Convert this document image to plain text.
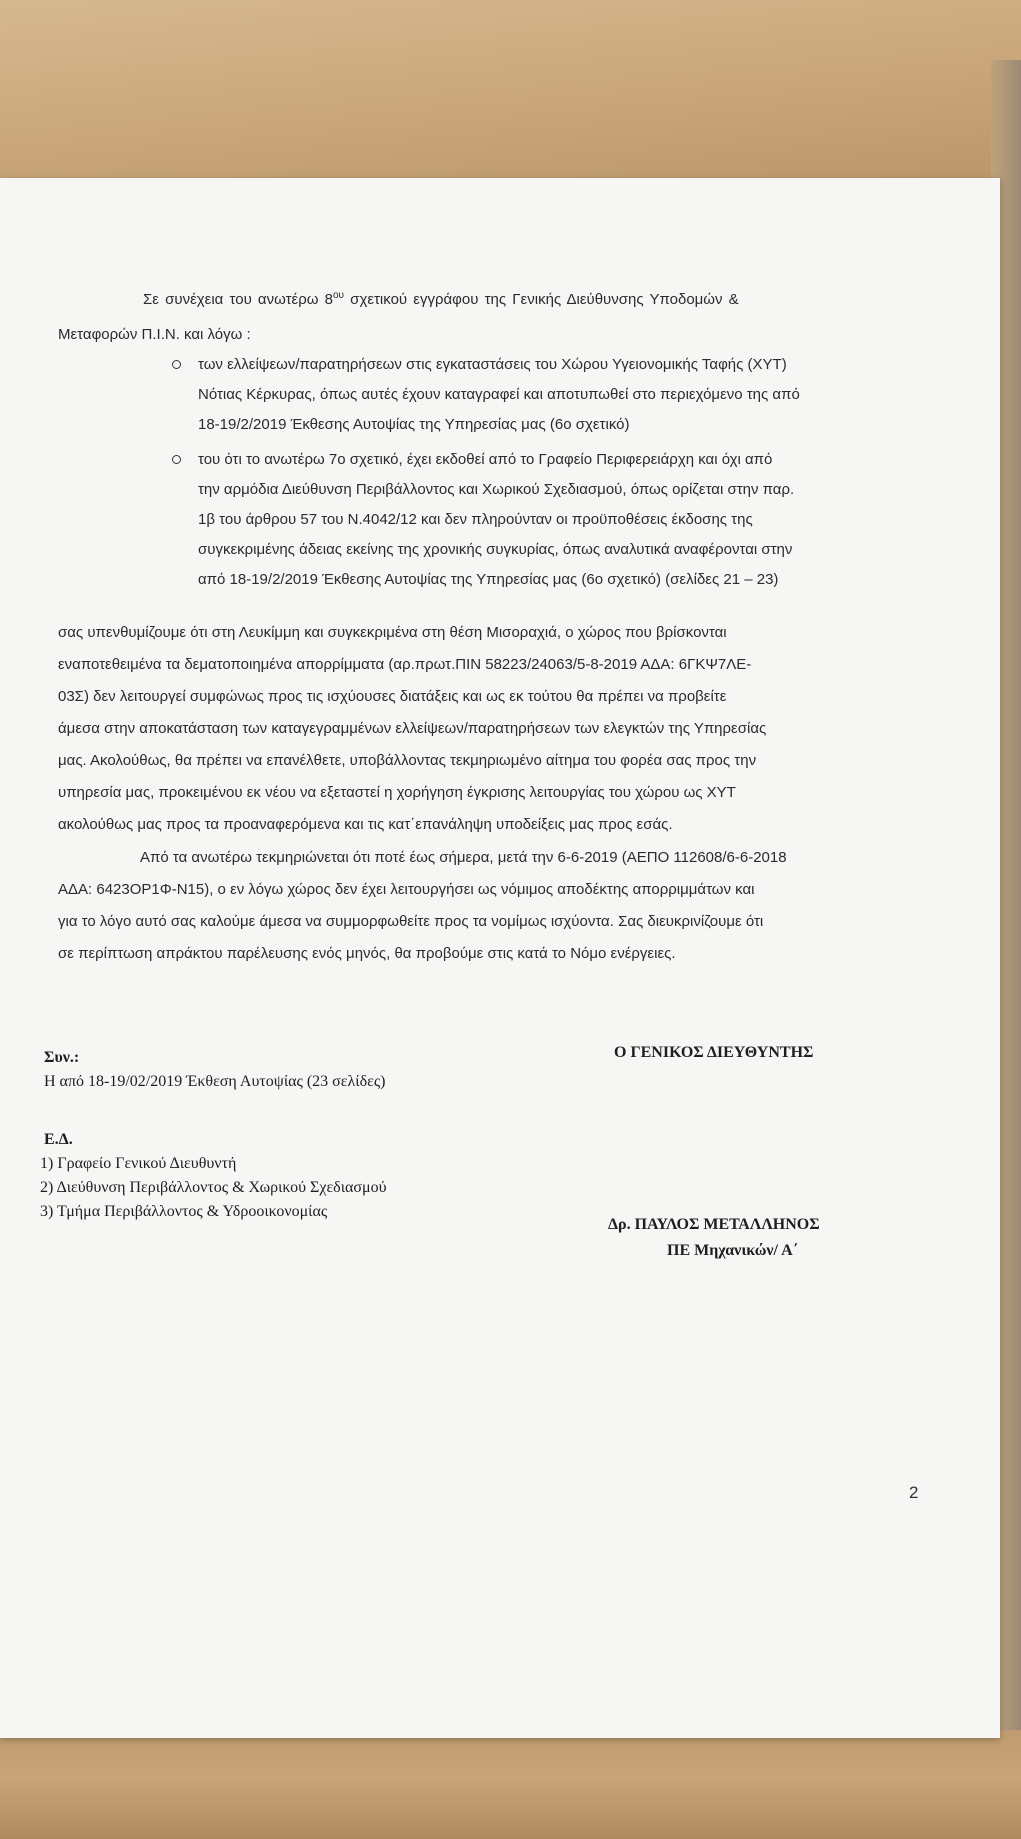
Σε συνέχεια του ανωτέρω $8^{o\upsilon}$ σχετικού εγγράφου της Γενικής Διεύθυνσης Υποδομών &
Μεταφορών Π.Ι.Ν. και λόγω :
των ελλείψεων/παρατηρήσεων στις εγκαταστάσεις του Χώρου Υγειονομικής Ταφής (ΧΥΤ)
Νότιας Κέρκυρας, όπως αυτές έχουν καταγραφεί και αποτυπωθεί στο περιεχόμενο της από
18-19/2/2019 Έκθεσης Αυτοψίας της Υπηρεσίας μας (6ο σχετικό)
του ότι το ανωτέρω 7ο σχετικό, έχει εκδοθεί από το Γραφείο Περιφερειάρχη και όχι από
την αρμόδια Διεύθυνση Περιβάλλοντος και Χωρικού Σχεδιασμού, όπως ορίζεται στην παρ.
1β του άρθρου 57 του Ν.4042/12 και δεν πληρούνταν οι προϋποθέσεις έκδοσης της
συγκεκριμένης άδειας εκείνης της χρονικής συγκυρίας, όπως αναλυτικά αναφέρονται στην
από 18-19/2/2019 Έκθεσης Αυτοψίας της Υπηρεσίας μας (6ο σχετικό) (σελίδες 21 – 23)
σας υπενθυμίζουμε ότι στη Λευκίμμη και συγκεκριμένα στη θέση Μισοραχιά, ο χώρος που βρίσκονται
εναποτεθειμένα τα δεματοποιημένα απορρίμματα (αρ.πρωτ.ΠΙΝ 58223/24063/5-8-2019 ΑΔΑ: 6ΓΚΨ7ΛΕ-
03Σ) δεν λειτουργεί συμφώνως προς τις ισχύουσες διατάξεις και ως εκ τούτου θα πρέπει να προβείτε
άμεσα στην αποκατάσταση των καταγεγραμμένων ελλείψεων/παρατηρήσεων των ελεγκτών της Υπηρεσίας
μας. Ακολούθως, θα πρέπει να επανέλθετε, υποβάλλοντας τεκμηριωμένο αίτημα του φορέα σας προς την
υπηρεσία μας, προκειμένου εκ νέου να εξεταστεί η χορήγηση έγκρισης λειτουργίας του χώρου ως ΧΥΤ
ακολούθως μας προς τα προαναφερόμενα και τις κατ΄επανάληψη υποδείξεις μας προς εσάς.
Από τα ανωτέρω τεκμηριώνεται ότι ποτέ έως σήμερα, μετά την 6-6-2019 (ΑΕΠΟ 112608/6-6-2018
ΑΔΑ: 6423ΟΡ1Φ-Ν15), ο εν λόγω χώρος δεν έχει λειτουργήσει ως νόμιμος αποδέκτης απορριμμάτων και
για το λόγο αυτό σας καλούμε άμεσα να συμμορφωθείτε προς τα νομίμως ισχύοντα. Σας διευκρινίζουμε ότι
σε περίπτωση απράκτου παρέλευσης ενός μηνός, θα προβούμε στις κατά το Νόμο ενέργειες.
Συν.:
Η από 18-19/02/2019 Έκθεση Αυτοψίας (23 σελίδες)
Ο ΓΕΝΙΚΟΣ ΔΙΕΥΘΥΝΤΗΣ
Ε.Δ.
1) Γραφείο Γενικού Διευθυντή
2) Διεύθυνση Περιβάλλοντος & Χωρικού Σχεδιασμού
3) Τμήμα Περιβάλλοντος & Υδροοικονομίας
Δρ. ΠΑΥΛΟΣ ΜΕΤΑΛΛΗΝΟΣ
ΠΕ Μηχανικών/ Α΄
2
